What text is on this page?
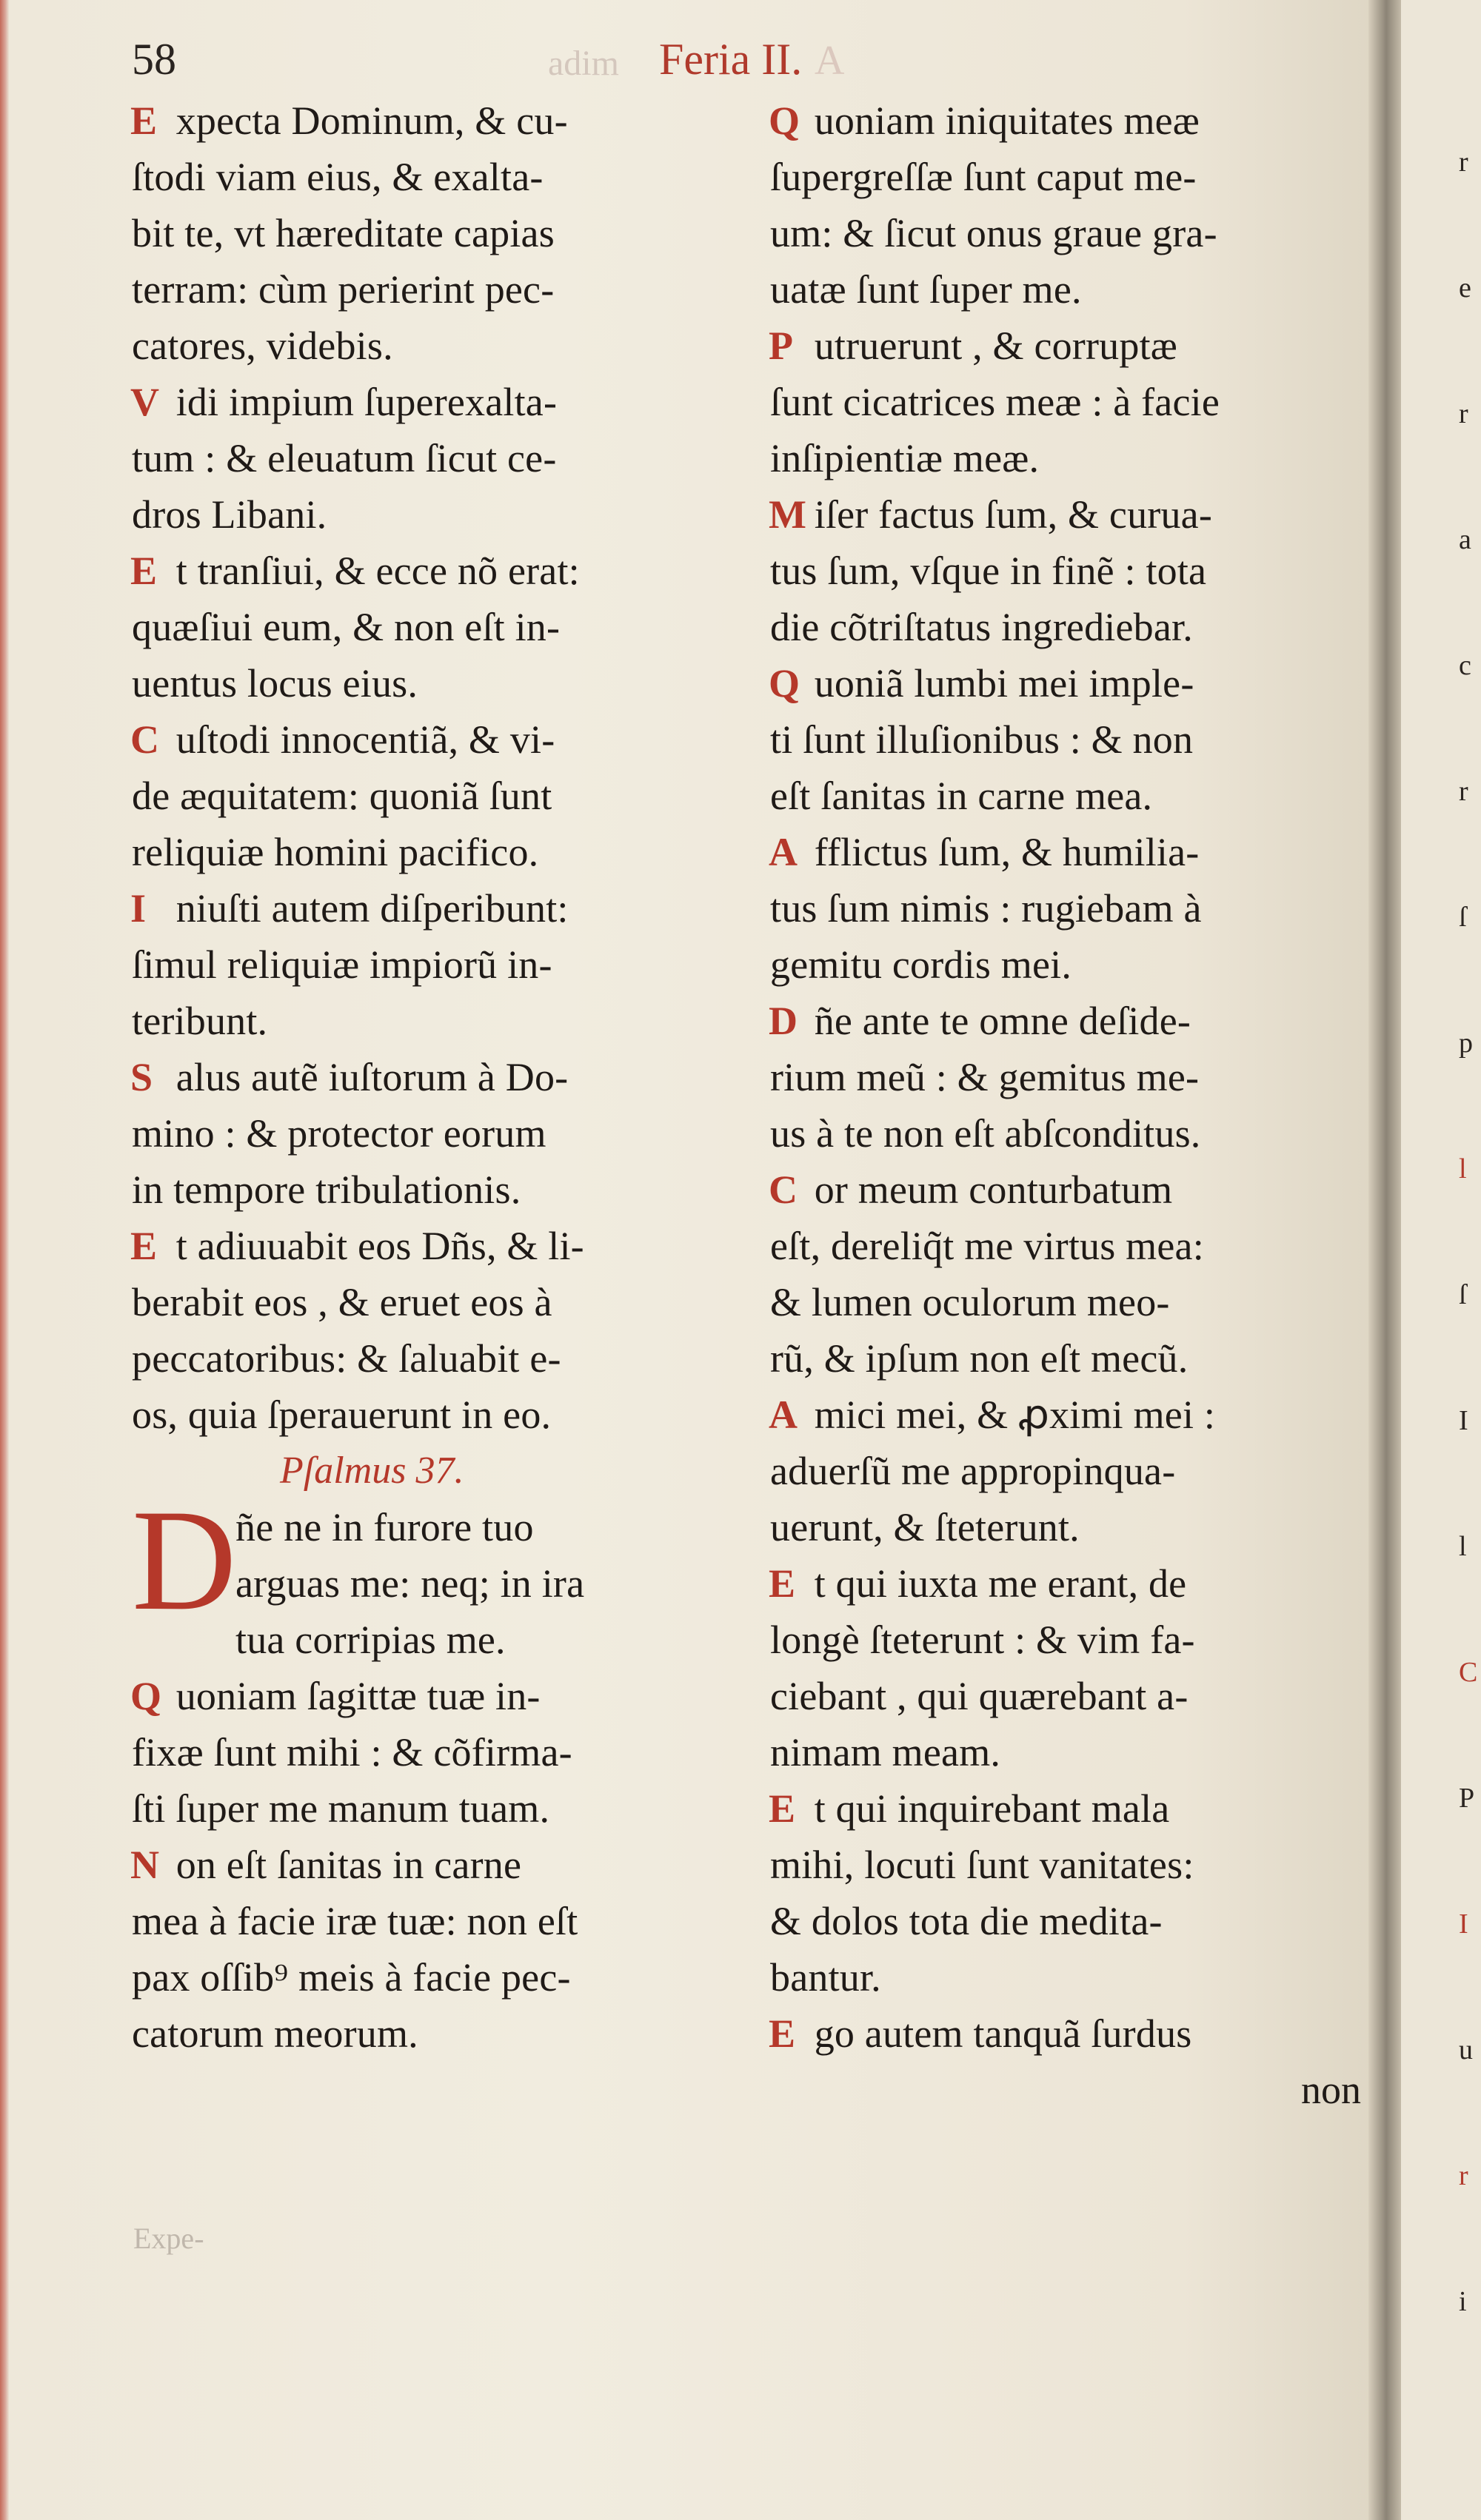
58	adim Feria II. A
E xpecta Dominum, & cu-
ſtodi viam eius, & exalta-
bit te, vt hæreditate capias
terram: cùm perierint pec-
catores, videbis.
V idi impium ſuperexalta-
tum : & eleuatum ſicut ce-
dros Libani.
E t tranſiui, & ecce nõ erat:
quæſiui eum, & non eſt in-
uentus locus eius.
C uſtodi innocentiã, & vi-
de æquitatem: quoniã ſunt
reliquiæ homini pacifico.
I niuſti autem diſperibunt:
ſimul reliquiæ impiorũ in-
teribunt.
S alus autẽ iuſtorum à Do-
mino : & protector eorum
in tempore tribulationis.
E t adiuuabit eos Dñs, & li-
berabit eos , & eruet eos à
peccatoribus: & ſaluabit e-
os, quia ſperauerunt in eo.
Pſalmus 37.
D
ñe ne in furore tuo
arguas me: neq; in ira
tua corripias me.
Q uoniam ſagittæ tuæ in-
fixæ ſunt mihi : & cõfirma-
ſti ſuper me manum tuam.
N on eſt ſanitas in carne
mea à facie iræ tuæ: non eſt
pax oſſib⁹ meis à facie pec-
catorum meorum.
Q uoniam iniquitates meæ
ſupergreſſæ ſunt caput me-
um: & ſicut onus graue gra-
uatæ ſunt ſuper me.
P utruerunt , & corruptæ
ſunt cicatrices meæ : à facie
inſipientiæ meæ.
M iſer factus ſum, & curua-
tus ſum, vſque in finẽ : tota
die cõtriſtatus ingrediebar.
Q uoniã lumbi mei imple-
ti ſunt illuſionibus : & non
eſt ſanitas in carne mea.
A fflictus ſum, & humilia-
tus ſum nimis : rugiebam à
gemitu cordis mei.
D ñe ante te omne deſide-
rium meũ : & gemitus me-
us à te non eſt abſconditus.
C or meum conturbatum
eſt, dereliq̃t me virtus mea:
& lumen oculorum meo-
rũ, & ipſum non eſt mecũ.
A mici mei, & ꝓximi mei :
aduerſũ me appropinqua-
uerunt, & ſteterunt.
E t qui iuxta me erant, de
longè ſteterunt : & vim fa-
ciebant , qui quærebant a-
nimam meam.
E t qui inquirebant mala
mihi, locuti ſunt vanitates:
& dolos tota die medita-
bantur.
E go autem tanquã ſurdus
non
Expe-
r
e
r
a
c
r
ſ
p
l
ſ
I
l
C
P
I
u
r
i
